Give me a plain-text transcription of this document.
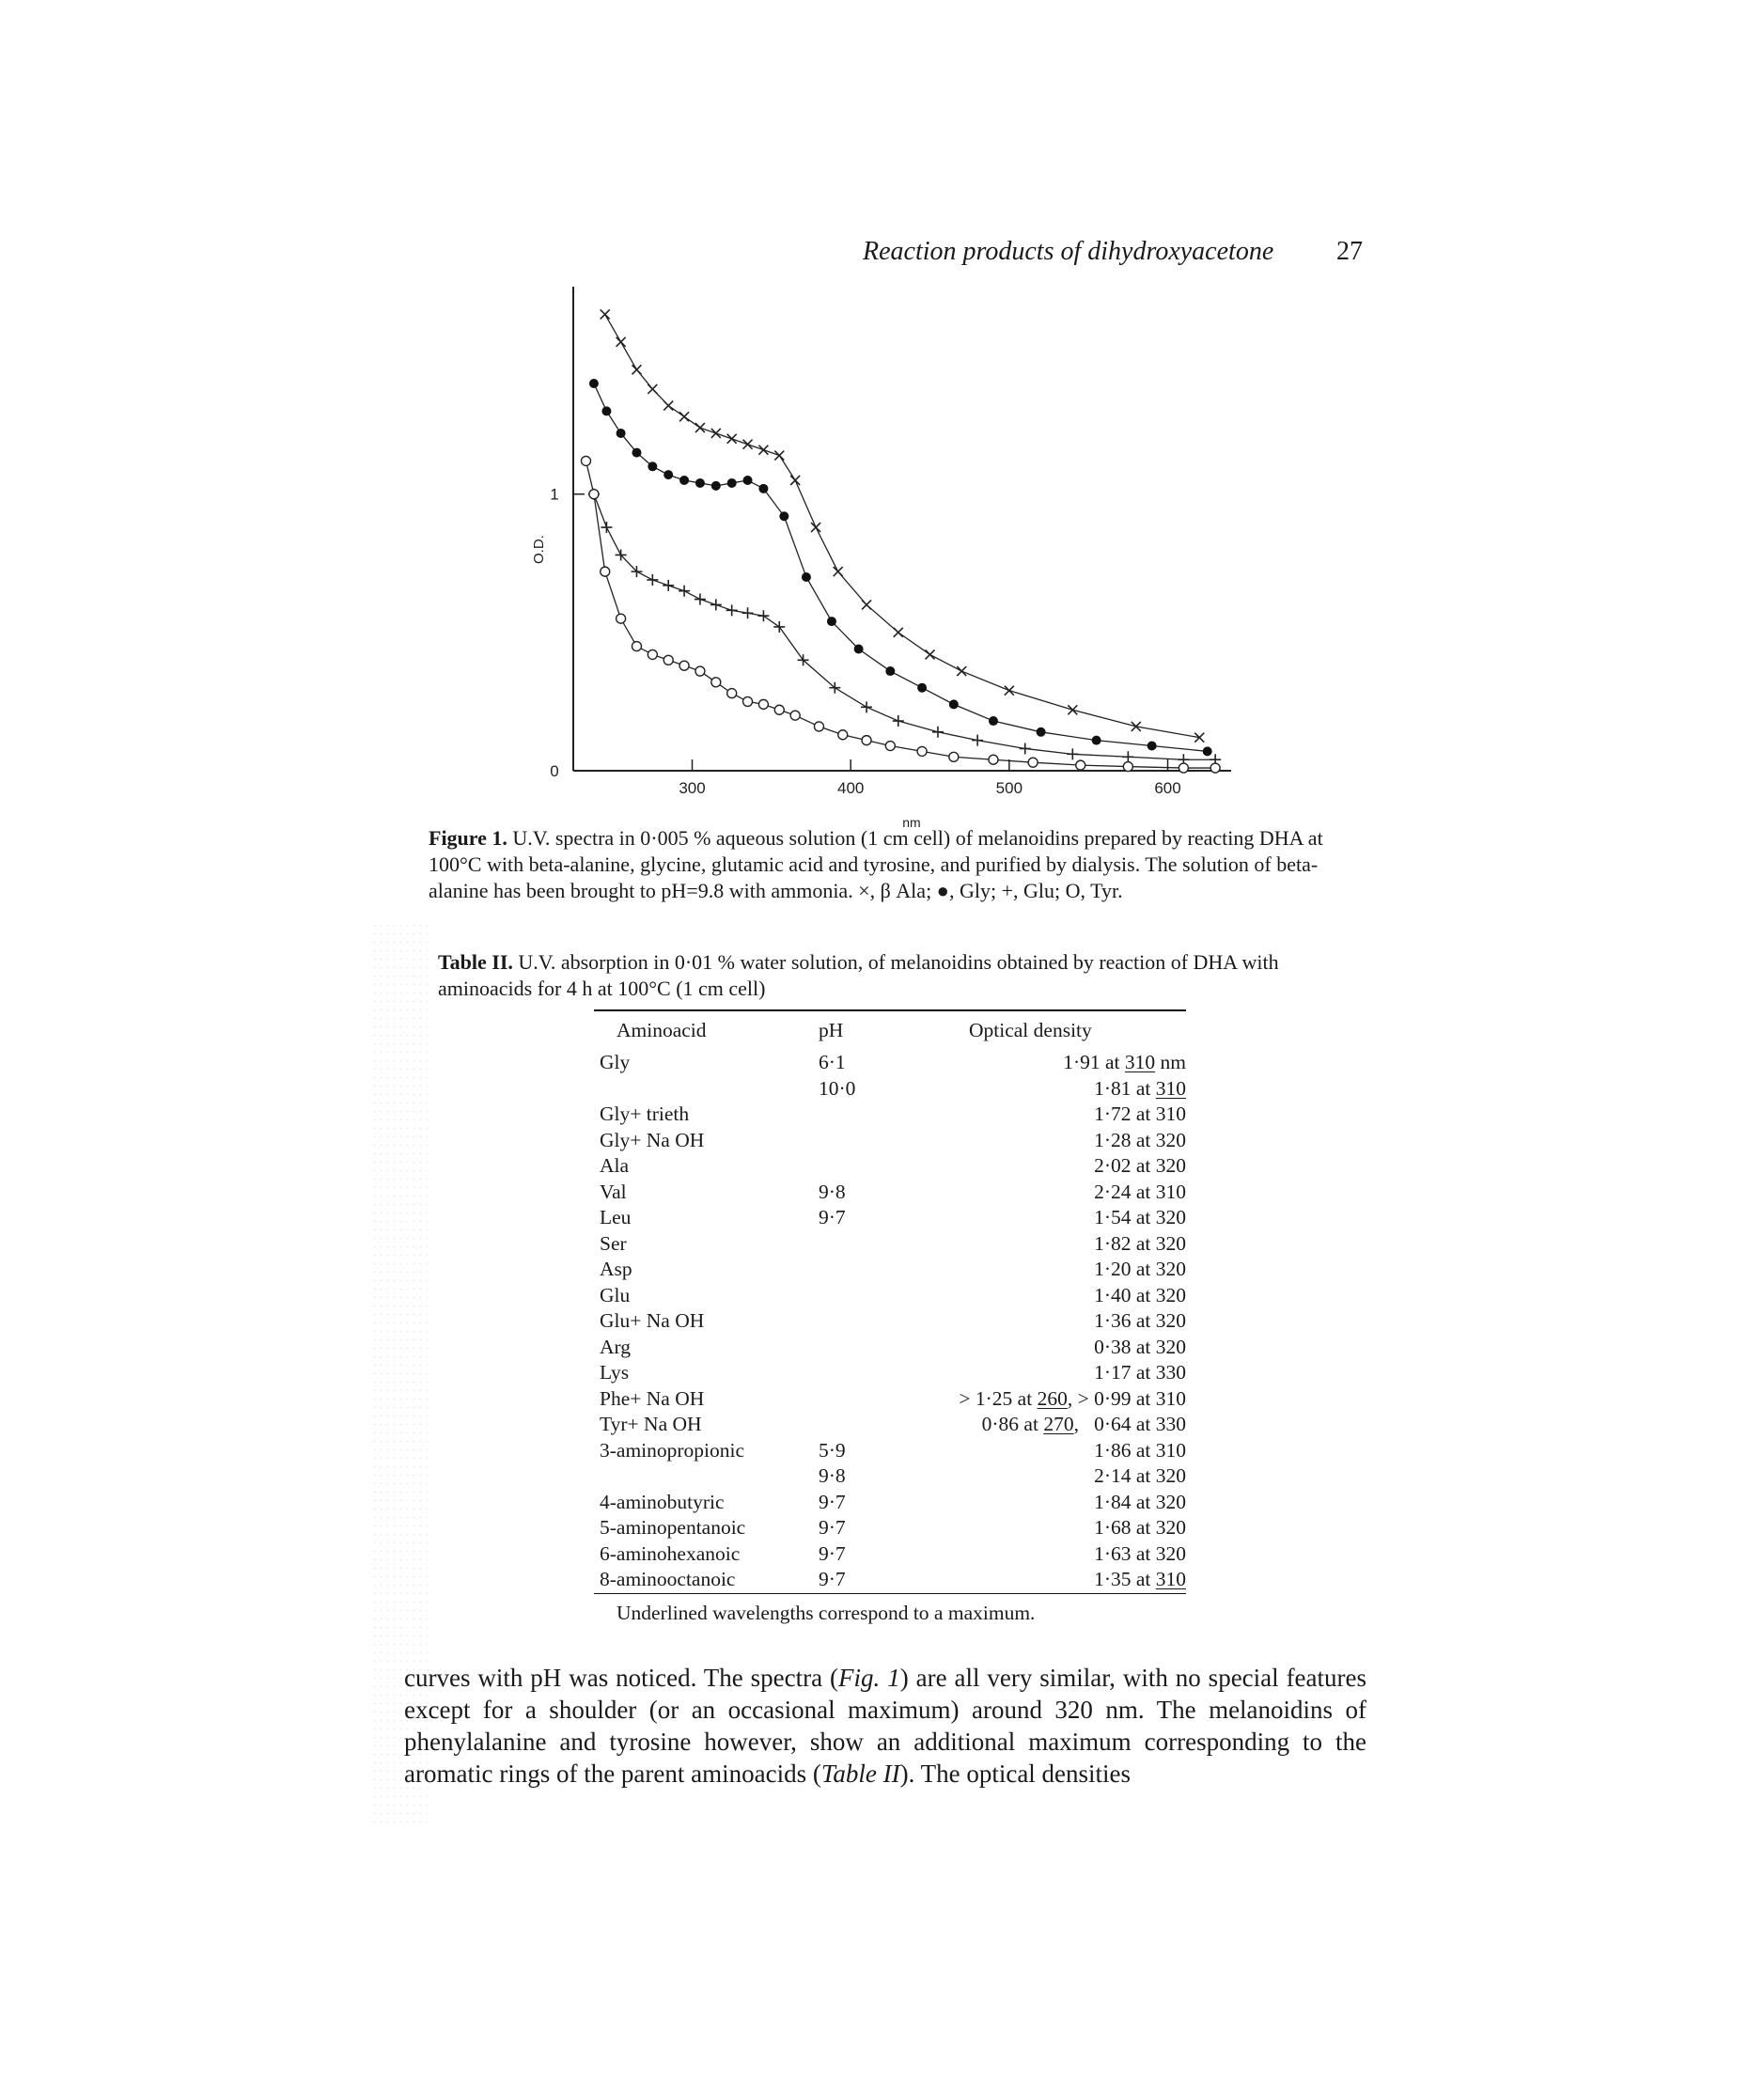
Reaction products of dihydroxyacetone 27
300	400	500	600
0
1
nm
O.D.
Figure 1. U.V. spectra in 0·005 % aqueous solution (1 cm cell) of melanoidins prepared by reacting DHA at 100°C with beta-alanine, glycine, glutamic acid and tyrosine, and purified by dialysis. The solution of beta-alanine has been brought to pH=9.8 with ammonia. ×, β Ala; ●, Gly; +, Glu; O, Tyr.
Table II. U.V. absorption in 0·01 % water solution, of melanoidins obtained by reaction of DHA with aminoacids for 4 h at 100°C (1 cm cell)
Aminoacid	pH	Optical density
Gly	6·1	1·91 at 310 nm
	10·0	1·81 at 310
Gly+ trieth		1·72 at 310
Gly+ Na OH		1·28 at 320
Ala		2·02 at 320
Val	9·8	2·24 at 310
Leu	9·7	1·54 at 320
Ser		1·82 at 320
Asp		1·20 at 320
Glu		1·40 at 320
Glu+ Na OH		1·36 at 320
Arg		0·38 at 320
Lys		1·17 at 330
Phe+ Na OH		> 1·25 at 260, > 0·99 at 310
Tyr+ Na OH		0·86 at 270,   0·64 at 330
3-aminopropionic	5·9	1·86 at 310
	9·8	2·14 at 320
4-aminobutyric	9·7	1·84 at 320
5-aminopentanoic	9·7	1·68 at 320
6-aminohexanoic	9·7	1·63 at 320
8-aminooctanoic	9·7	1·35 at 310
Underlined wavelengths correspond to a maximum.

curves with pH was noticed. The spectra (Fig. 1) are all very similar, with no special features except for a shoulder (or an occasional maximum) around 320 nm. The melanoidins of phenylalanine and tyrosine however, show an additional maximum corresponding to the aromatic rings of the parent aminoacids (Table II). The optical densities
